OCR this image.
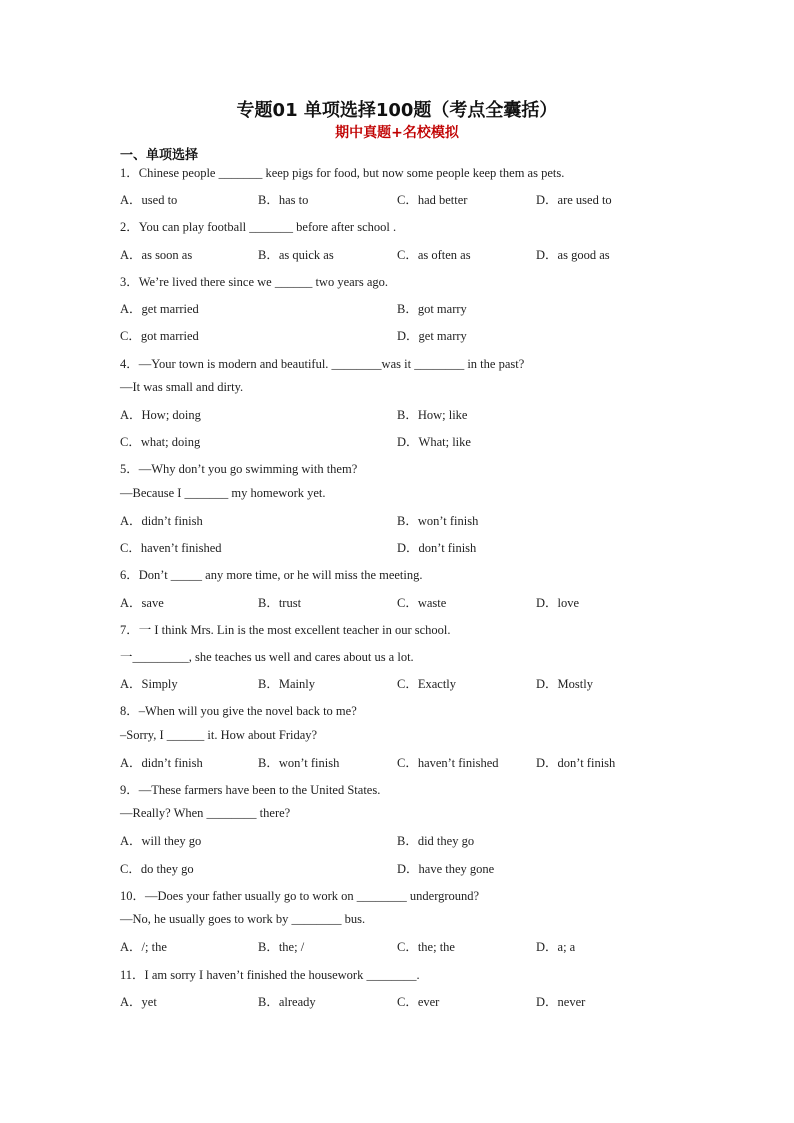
专题01 单项选择100题（考点全囊括）
期中真题+名校模拟
一、单项选择
1．Chinese people _______ keep pigs for food, but now some people keep them as pets.
A．used to	B．has to	C．had better	D．are used to
2．You can play football _______ before after school .
A．as soon as	B．as quick as	C．as often as	D．as good as
3．We’re lived there since we ______ two years ago.
A．get married	B．got marry
C．got married	D．get marry
4．—Your town is modern and beautiful. ________was it ________ in the past?
—It was small and dirty.
A．How; doing	B．How; like
C．what; doing	D．What; like
5．—Why don’t you go swimming with them?
—Because I _______ my homework yet.
A．didn’t finish	B．won’t finish
C．haven’t finished	D．don’t finish
6．Don’t _____ any more time, or he will miss the meeting.
A．save	B．trust	C．waste	D．love
7．一 I think Mrs. Lin is the most excellent teacher in our school.
一_________, she teaches us well and cares about us a lot.
A．Simply	B．Mainly	C．Exactly	D．Mostly
8．–When will you give the novel back to me?
–Sorry, I ______ it. How about Friday?
A．didn’t finish	B．won’t finish	C．haven’t finished	D．don’t finish
9．—These farmers have been to the United States.
—Really? When ________ there?
A．will they go	B．did they go
C．do they go	D．have they gone
10．—Does your father usually go to work on ________ underground?
—No, he usually goes to work by ________ bus.
A．/; the	B．the; /	C．the; the	D．a; a
11．I am sorry I haven’t finished the housework ________.
A．yet	B．already	C．ever	D．never
